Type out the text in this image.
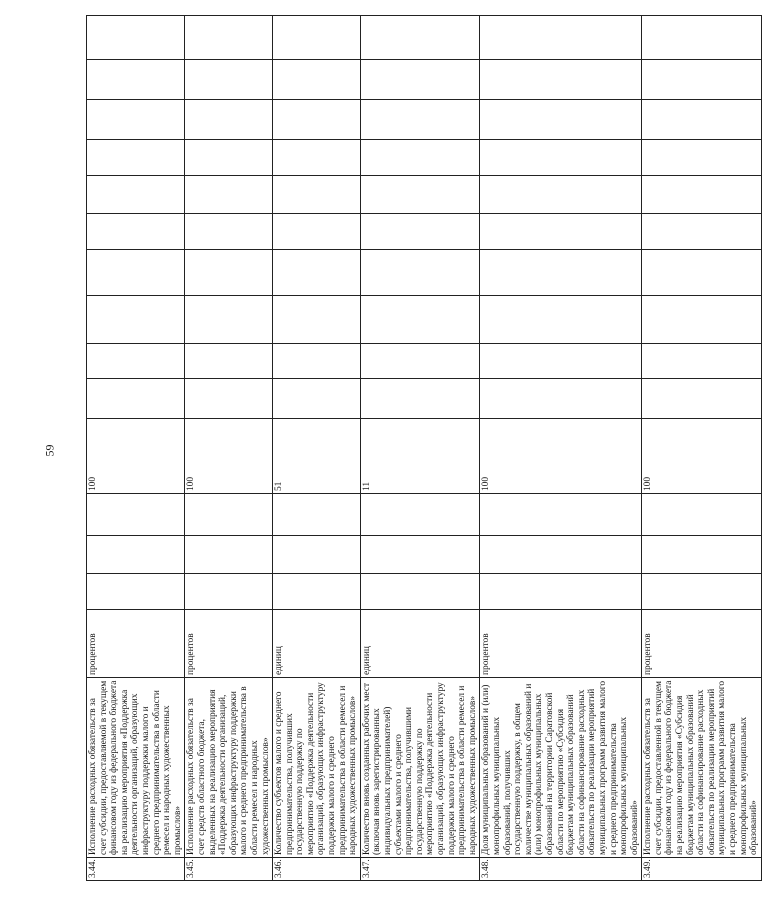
59
3.44.	Исполнение расходных обязательств за счет субсидии, предоставляемой в текущем финансовом году из федерального бюджета на реализацию мероприятия «Поддержка деятельности организаций, образующих инфраструктуру поддержки малого и среднего предпринимательства в области ремесел и народных художественных промыслов»	процентов				100										
3.45.	Исполнение расходных обязательств за счет средств областного бюджета, выделенных на реализацию мероприятия «Поддержка деятельности организаций, образующих инфраструктуру поддержки малого и среднего предпринимательства в области ремесел и народных художественных промыслов»	процентов				100										
3.46.	Количество субъектов малого и среднего предпринимательства, получивших государственную поддержку по мероприятию «Поддержка деятельности организаций, образующих инфраструктуру поддержки малого и среднего предпринимательства в области ремесел и народных художественных промыслов»	единиц				51										
3.47.	Количество вновь созданных рабочих мест (включая вновь зарегистрированных индивидуальных предпринимателей) субъектами малого и среднего предпринимательства, получившими государственную поддержку по мероприятию «Поддержка деятельности организаций, образующих инфраструктуру поддержки малого и среднего предпринимательства в области ремесел и народных художественных промыслов»	единиц				11										
3.48.	Доля муниципальных образований и (или) монопрофильных муниципальных образований, получивших государственную поддержку, в общем количестве муниципальных образований и (или) монопрофильных муниципальных образований на территории Саратовской области по мероприятию «Субсидия бюджетам муниципальных образований области на софинансирование расходных обязательств по реализации мероприятий муниципальных программ развития малого и среднего предпринимательства монопрофильных муниципальных образований»	процентов				100										
3.49.	Исполнение расходных обязательств за счет субсидии, предоставленной в текущем финансовом году из федерального бюджета на реализацию мероприятия «Субсидия бюджетам муниципальных образований области на софинансирование расходных обязательств по реализации мероприятий муниципальных программ развития малого и среднего предпринимательства монопрофильных муниципальных образований»	процентов				100										
